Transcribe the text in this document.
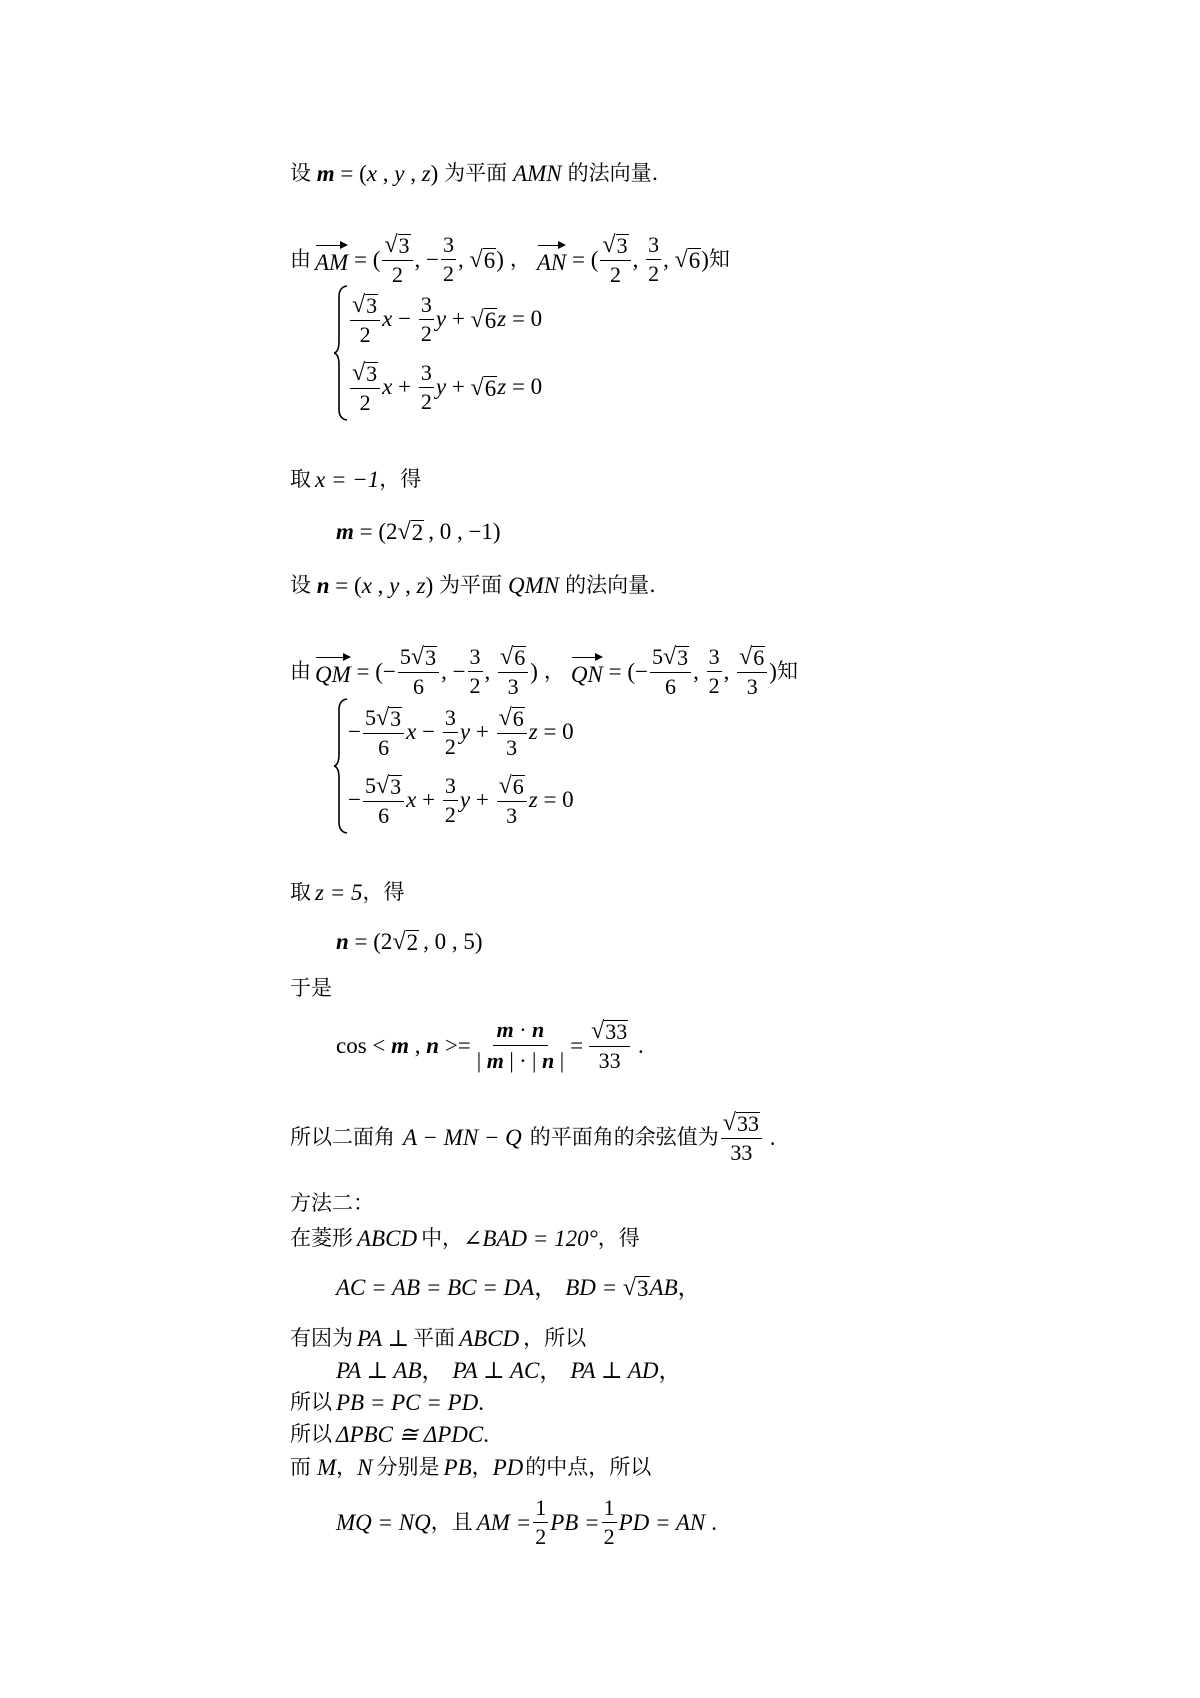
设 m = (x , y , z) 为平面 AMN 的法向量.
由 AM = ( $\frac{√ 3}{2}$ , − $\frac{3}{2}$ , √ 6 ) ， AN = ( $\frac{√ 3}{2}$ , $\frac{3}{2}$ , √ 6 ) 知
$\frac{√ 3}{2}$ $x - \frac{3}{2}$ y + √ 6 z = 0
$\frac{√ 3}{2}$ $x + \frac{3}{2}$ y + √ 6 z = 0
取 x = −1 ，得
m
= (2 √ 2 , 0 , −1)
设 n = (x , y , z) 为平面 QMN 的法向量.
由 QM = (− $\frac{5 √ 3}{6}$ , − $\frac{3}{2}$ , $\frac{√ 6}{3}$ ) ， QN = (− $\frac{5 √ 3}{6}$ , $\frac{3}{2}$ , $\frac{√ 6}{3}$ ) 知
− $\frac{5 √ 3}{6}$ $x - \frac{3}{2}$ $y + \frac{√ 6}{3}$ z = 0
− $\frac{5 √ 3}{6}$ $x + \frac{3}{2}$ $y + \frac{√ 6}{3}$ z = 0
取 z = 5 ，得
n
= (2 √ 2 , 0 , 5)
于是
cos < m , $n >= \frac{m \cdot n}{| m | \cdot | n |} = \frac{√ 33}{33}$ .
所以二面角 A − MN − Q 的平面角的余弦值为 $\frac{√ 33}{33}$ .
方法二：
在菱形 ABCD 中， ∠BAD = 120° ，得
AC = AB = BC = DA ， BD =
√ 3 AB ，
有因为 PA ⊥ 平面 ABCD ，所以
PA ⊥ AB ， PA ⊥ AC ， PA ⊥ AD ，
所以 PB = PC = PD .
所以 ΔPBC ≅ ΔPDC .
而 M ， N 分别是 PB ， PD 的中点，所以
MQ = NQ ，且 AM = $\frac{1}{2}$ PB = $\frac{1}{2}$ PD = AN .
